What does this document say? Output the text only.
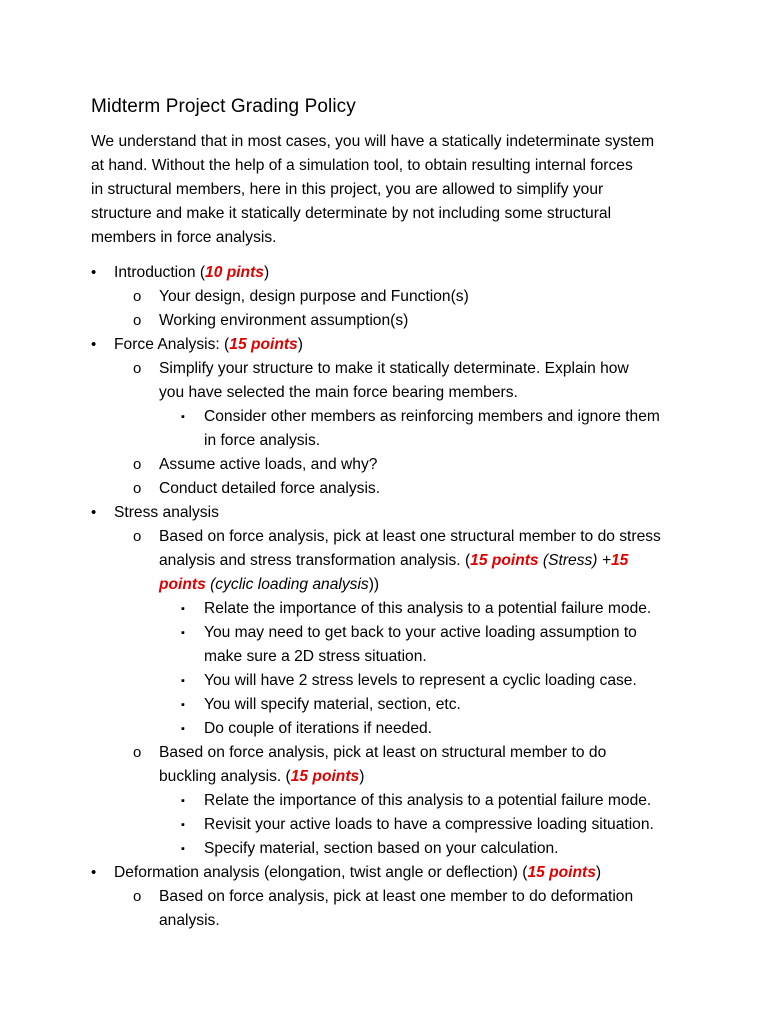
Midterm Project Grading Policy
We understand that in most cases, you will have a statically indeterminate system
at hand. Without the help of a simulation tool, to obtain resulting internal forces
in structural members, here in this project, you are allowed to simplify your
structure and make it statically determinate by not including some structural
members in force analysis.
• Introduction (10 pints)
o Your design, design purpose and Function(s)
o Working environment assumption(s)
• Force Analysis: (15 points)
o Simplify your structure to make it statically determinate. Explain how
you have selected the main force bearing members.
▪ Consider other members as reinforcing members and ignore them
in force analysis.
o Assume active loads, and why?
o Conduct detailed force analysis.
• Stress analysis
o Based on force analysis, pick at least one structural member to do stress
analysis and stress transformation analysis. (15 points (Stress) +15
points (cyclic loading analysis))
▪ Relate the importance of this analysis to a potential failure mode.
▪ You may need to get back to your active loading assumption to
make sure a 2D stress situation.
▪ You will have 2 stress levels to represent a cyclic loading case.
▪ You will specify material, section, etc.
▪ Do couple of iterations if needed.
o Based on force analysis, pick at least on structural member to do
buckling analysis. (15 points)
▪ Relate the importance of this analysis to a potential failure mode.
▪ Revisit your active loads to have a compressive loading situation.
▪ Specify material, section based on your calculation.
• Deformation analysis (elongation, twist angle or deflection) (15 points)
o Based on force analysis, pick at least one member to do deformation
analysis.
